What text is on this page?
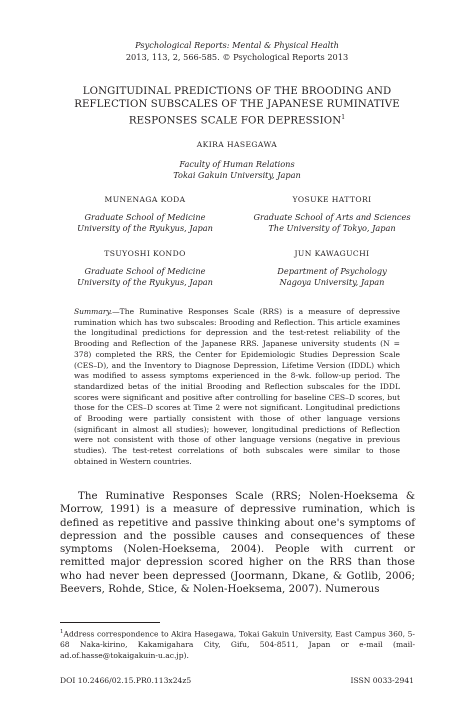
Psychological Reports: Mental & Physical Health
2013, 113, 2, 566-585. © Psychological Reports 2013
LONGITUDINAL PREDICTIONS OF THE BROODING AND
REFLECTION SUBSCALES OF THE JAPANESE RUMINATIVE
RESPONSES SCALE FOR DEPRESSION$^1$
AKIRA HASEGAWA
Faculty of Human Relations
Tokai Gakuin University, Japan
MUNENAGA KODA
Graduate School of Medicine
University of the Ryukyus, Japan
YOSUKE HATTORI
Graduate School of Arts and Sciences
The University of Tokyo, Japan
TSUYOSHI KONDO
Graduate School of Medicine
University of the Ryukyus, Japan
JUN KAWAGUCHI
Department of Psychology
Nagoya University, Japan
Summary.—The Ruminative Responses Scale (RRS) is a measure of depressive rumination which has two subscales: Brooding and Reflection. This article examines the longitudinal predictions for depression and the test-retest reliability of the Brooding and Reflection of the Japanese RRS. Japanese university students (N = 378) completed the RRS, the Center for Epidemiologic Studies Depression Scale (CES–D), and the Inventory to Diagnose Depression, Lifetime Version (IDDL) which was modified to assess symptoms experienced in the 8-wk. follow-up period. The standardized betas of the initial Brooding and Reflection subscales for the IDDL scores were significant and positive after controlling for baseline CES–D scores, but those for the CES–D scores at Time 2 were not significant. Longitudinal predictions of Brooding were partially consistent with those of other language versions (significant in almost all studies); however, longitudinal predictions of Reflection were not consistent with those of other language versions (negative in previous studies). The test-retest correlations of both subscales were similar to those obtained in Western countries.

The Ruminative Responses Scale (RRS; Nolen-Hoeksema & Morrow, 1991) is a measure of depressive rumination, which is defined as repetitive and passive thinking about one's symptoms of depression and the possible causes and consequences of these symptoms (Nolen-Hoeksema, 2004). People with current or remitted major depression scored higher on the RRS than those who had never been depressed (Joormann, Dkane, & Gotlib, 2006; Beevers, Rohde, Stice, & Nolen-Hoeksema, 2007). Numerous

$^1$Address correspondence to Akira Hasegawa, Tokai Gakuin University, East Campus 360, 5-68 Naka-kirino, Kakamigahara City, Gifu, 504-8511, Japan or e-mail (mail-ad.of.hasse@tokaigakuin-u.ac.jp).
DOI 10.2466/02.15.PR0.113x24z5	ISSN 0033-2941
